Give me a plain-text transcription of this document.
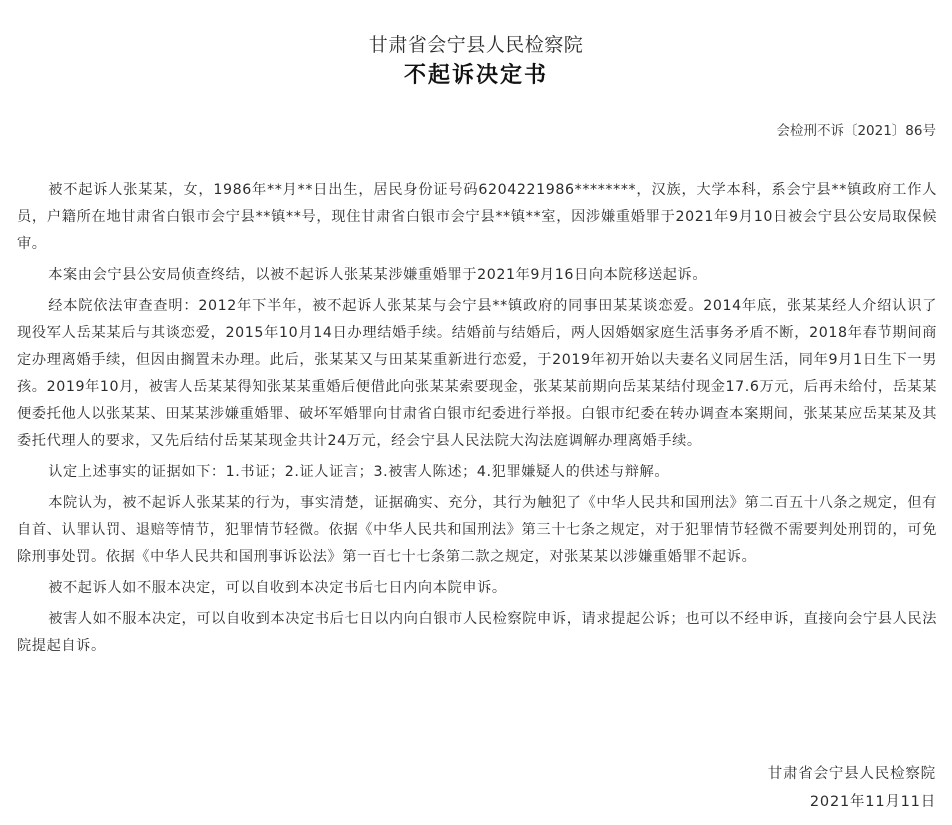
甘肃省会宁县人民检察院
不起诉决定书
会检刑不诉〔2021〕86号

被不起诉人张某某，女，1986年**月**日出生，居民身份证号码6204221986********，汉族，大学本科，系会宁县**镇政府工作人员，户籍所在地甘肃省白银市会宁县**镇**号，现住甘肃省白银市会宁县**镇**室，因涉嫌重婚罪于2021年9月10日被会宁县公安局取保候审。

本案由会宁县公安局侦查终结，以被不起诉人张某某涉嫌重婚罪于2021年9月16日向本院移送起诉。

经本院依法审查查明：2012年下半年，被不起诉人张某某与会宁县**镇政府的同事田某某谈恋爱。2014年底，张某某经人介绍认识了现役军人岳某某后与其谈恋爱，2015年10月14日办理结婚手续。结婚前与结婚后，两人因婚姻家庭生活事务矛盾不断，2018年春节期间商定办理离婚手续，但因由搁置未办理。此后，张某某又与田某某重新进行恋爱，于2019年初开始以夫妻名义同居生活，同年9月1日生下一男孩。2019年10月，被害人岳某某得知张某某重婚后便借此向张某某索要现金，张某某前期向岳某某结付现金17.6万元，后再未给付，岳某某便委托他人以张某某、田某某涉嫌重婚罪、破坏军婚罪向甘肃省白银市纪委进行举报。白银市纪委在转办调查本案期间，张某某应岳某某及其委托代理人的要求，又先后结付岳某某现金共计24万元，经会宁县人民法院大沟法庭调解办理离婚手续。

认定上述事实的证据如下：1.书证；2.证人证言；3.被害人陈述；4.犯罪嫌疑人的供述与辩解。

本院认为，被不起诉人张某某的行为，事实清楚，证据确实、充分，其行为触犯了《中华人民共和国刑法》第二百五十八条之规定，但有自首、认罪认罚、退赔等情节，犯罪情节轻微。依据《中华人民共和国刑法》第三十七条之规定，对于犯罪情节轻微不需要判处刑罚的，可免除刑事处罚。依据《中华人民共和国刑事诉讼法》第一百七十七条第二款之规定，对张某某以涉嫌重婚罪不起诉。

被不起诉人如不服本决定，可以自收到本决定书后七日内向本院申诉。

被害人如不服本决定，可以自收到本决定书后七日以内向白银市人民检察院申诉，请求提起公诉；也可以不经申诉，直接向会宁县人民法院提起自诉。

甘肃省会宁县人民检察院
2021年11月11日
